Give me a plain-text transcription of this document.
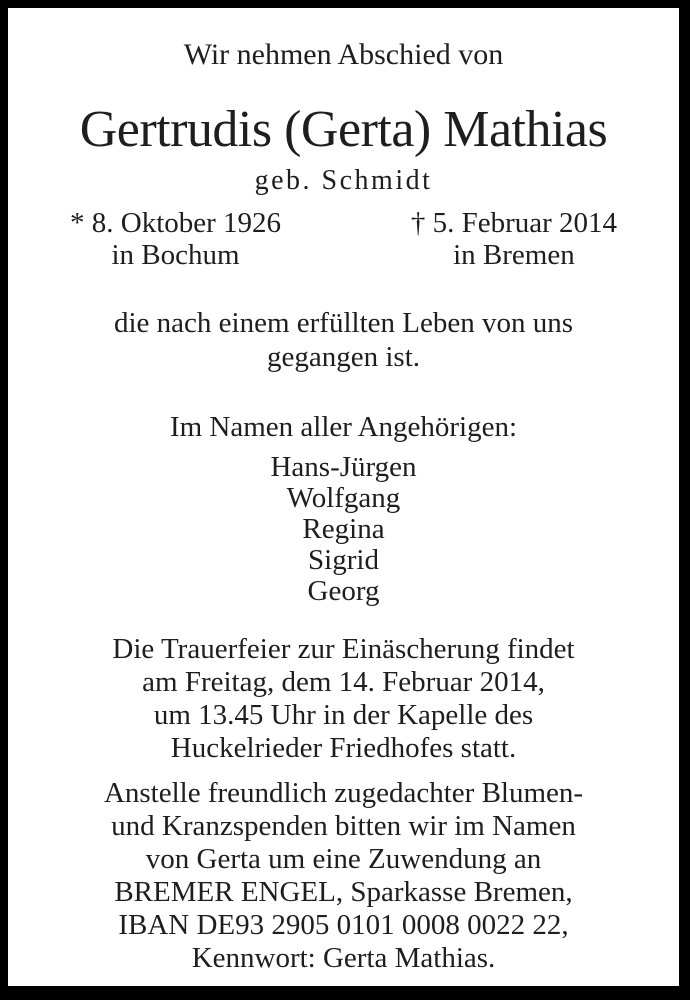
Wir nehmen Abschied von
Gertrudis (Gerta) Mathias
geb. Schmidt
* 8. Oktober 1926
in Bochum
† 5. Februar 2014
in Bremen
die nach einem erfüllten Leben von uns
gegangen ist.
Im Namen aller Angehörigen:
Hans-Jürgen
Wolfgang
Regina
Sigrid
Georg
Die Trauerfeier zur Einäscherung findet
am Freitag, dem 14. Februar 2014,
um 13.45 Uhr in der Kapelle des
Huckelrieder Friedhofes statt.
Anstelle freundlich zugedachter Blumen-
und Kranzspenden bitten wir im Namen
von Gerta um eine Zuwendung an
BREMER ENGEL, Sparkasse Bremen,
IBAN DE93 2905 0101 0008 0022 22,
Kennwort: Gerta Mathias.
